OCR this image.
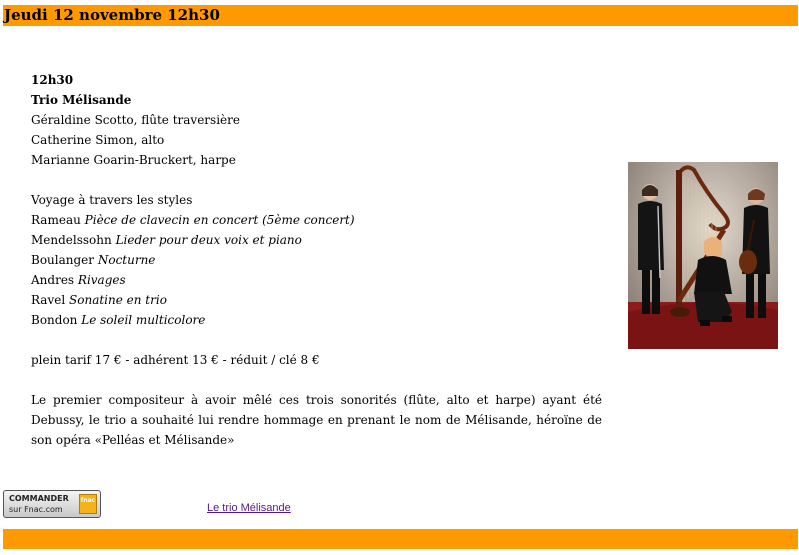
Jeudi 12 novembre 12h30
12h30
Trio Mélisande
Géraldine Scotto, flûte traversière
Catherine Simon, alto
Marianne Goarin-Bruckert, harpe
Voyage à travers les styles
Rameau Pièce de clavecin en concert (5ème concert)
Mendelssohn Lieder pour deux voix et piano
Boulanger Nocturne
Andres Rivages
Ravel Sonatine en trio
Bondon Le soleil multicolore
plein tarif 17 € - adhérent 13 € - réduit / clé 8 €
Le premier compositeur à avoir mêlé ces trois sonorités (flûte, alto et harpe) ayant été Debussy, le trio a souhaité lui rendre hommage en prenant le nom de Mélisande, héroïne de son opéra «Pelléas et Mélisande»
COMMANDER
sur Fnac.com
fnac
Le trio Mélisande
